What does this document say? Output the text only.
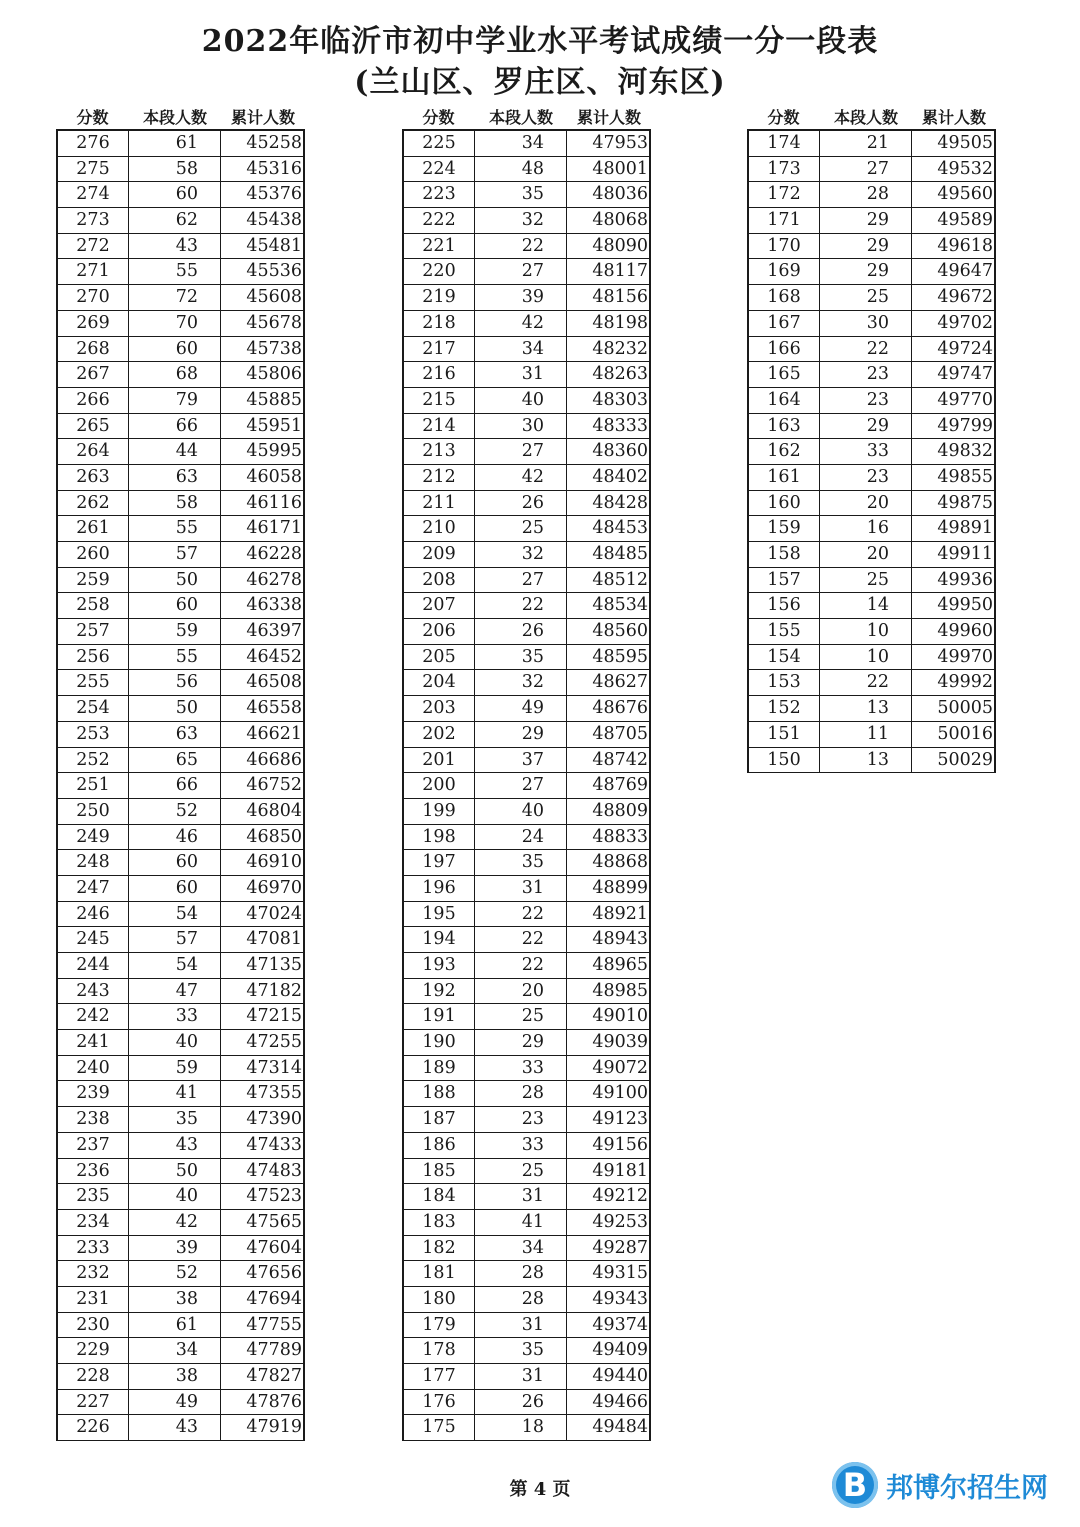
2022年临沂市初中学业水平考试成绩一分一段表
(兰山区、罗庄区、河东区)
分数	本段人数	累计人数
276	61	45258
275	58	45316
274	60	45376
273	62	45438
272	43	45481
271	55	45536
270	72	45608
269	70	45678
268	60	45738
267	68	45806
266	79	45885
265	66	45951
264	44	45995
263	63	46058
262	58	46116
261	55	46171
260	57	46228
259	50	46278
258	60	46338
257	59	46397
256	55	46452
255	56	46508
254	50	46558
253	63	46621
252	65	46686
251	66	46752
250	52	46804
249	46	46850
248	60	46910
247	60	46970
246	54	47024
245	57	47081
244	54	47135
243	47	47182
242	33	47215
241	40	47255
240	59	47314
239	41	47355
238	35	47390
237	43	47433
236	50	47483
235	40	47523
234	42	47565
233	39	47604
232	52	47656
231	38	47694
230	61	47755
229	34	47789
228	38	47827
227	49	47876
226	43	47919
分数	本段人数	累计人数
225	34	47953
224	48	48001
223	35	48036
222	32	48068
221	22	48090
220	27	48117
219	39	48156
218	42	48198
217	34	48232
216	31	48263
215	40	48303
214	30	48333
213	27	48360
212	42	48402
211	26	48428
210	25	48453
209	32	48485
208	27	48512
207	22	48534
206	26	48560
205	35	48595
204	32	48627
203	49	48676
202	29	48705
201	37	48742
200	27	48769
199	40	48809
198	24	48833
197	35	48868
196	31	48899
195	22	48921
194	22	48943
193	22	48965
192	20	48985
191	25	49010
190	29	49039
189	33	49072
188	28	49100
187	23	49123
186	33	49156
185	25	49181
184	31	49212
183	41	49253
182	34	49287
181	28	49315
180	28	49343
179	31	49374
178	35	49409
177	31	49440
176	26	49466
175	18	49484
分数	本段人数	累计人数
174	21	49505
173	27	49532
172	28	49560
171	29	49589
170	29	49618
169	29	49647
168	25	49672
167	30	49702
166	22	49724
165	23	49747
164	23	49770
163	29	49799
162	33	49832
161	23	49855
160	20	49875
159	16	49891
158	20	49911
157	25	49936
156	14	49950
155	10	49960
154	10	49970
153	22	49992
152	13	50005
151	11	50016
150	13	50029
第 4 页	B 邦博尔招生网
